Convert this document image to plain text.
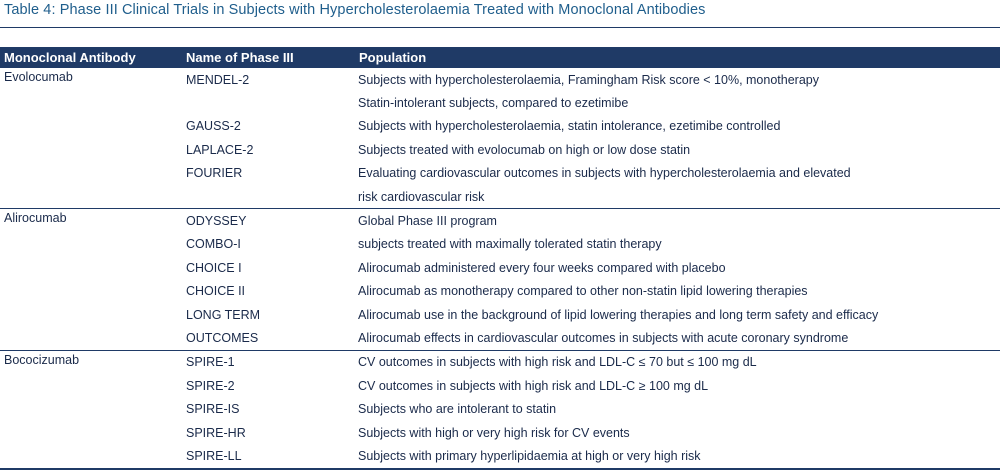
Table 4: Phase III Clinical Trials in Subjects with Hypercholesterolaemia Treated with Monoclonal Antibodies
Monoclonal Antibody	Name of Phase III	Population
Evolocumab	MENDEL-2	Subjects with hypercholesterolaemia, Framingham Risk score < 10%, monotherapy
		Statin-intolerant subjects, compared to ezetimibe
	GAUSS-2	Subjects with hypercholesterolaemia, statin intolerance, ezetimibe controlled
	LAPLACE-2	Subjects treated with evolocumab on high or low dose statin
	FOURIER	Evaluating cardiovascular outcomes in subjects with hypercholesterolaemia and elevated
		risk cardiovascular risk
Alirocumab	ODYSSEY	Global Phase III program
	COMBO-I	subjects treated with maximally tolerated statin therapy
	CHOICE I	Alirocumab administered every four weeks compared with placebo
	CHOICE II	Alirocumab as monotherapy compared to other non-statin lipid lowering therapies
	LONG TERM	Alirocumab use in the background of lipid lowering therapies and long term safety and efficacy
	OUTCOMES	Alirocumab effects in cardiovascular outcomes in subjects with acute coronary syndrome
Bococizumab	SPIRE-1	CV outcomes in subjects with high risk and LDL-C ≤ 70 but ≤ 100 mg dL
	SPIRE-2	CV outcomes in subjects with high risk and LDL-C ≥ 100 mg dL
	SPIRE-IS	Subjects who are intolerant to statin
	SPIRE-HR	Subjects with high or very high risk for CV events
	SPIRE-LL	Subjects with primary hyperlipidaemia at high or very high risk
